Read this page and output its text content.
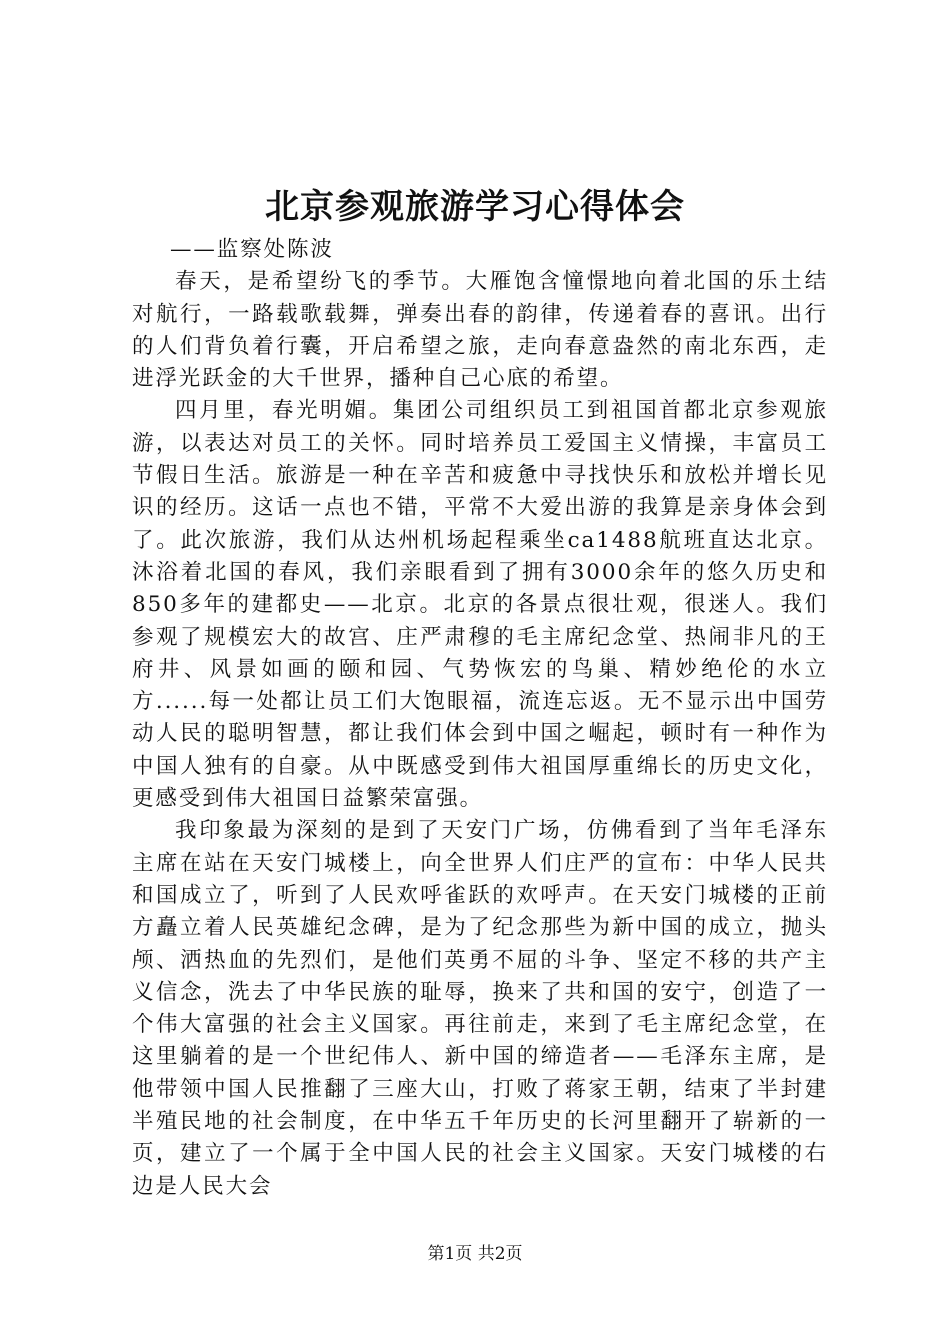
北京参观旅游学习心得体会

——监察处陈波

春天，是希望纷飞的季节。大雁饱含憧憬地向着北国的乐土结对航行，一路载歌载舞，弹奏出春的韵律，传递着春的喜讯。出行的人们背负着行囊，开启希望之旅，走向春意盎然的南北东西，走进浮光跃金的大千世界，播种自己心底的希望。

四月里，春光明媚。集团公司组织员工到祖国首都北京参观旅游，以表达对员工的关怀。同时培养员工爱国主义情操，丰富员工节假日生活。旅游是一种在辛苦和疲惫中寻找快乐和放松并增长见识的经历。这话一点也不错，平常不大爱出游的我算是亲身体会到了。此次旅游，我们从达州机场起程乘坐ca1488航班直达北京。沐浴着北国的春风，我们亲眼看到了拥有3000余年的悠久历史和850多年的建都史——北京。北京的各景点很壮观，很迷人。我们参观了规模宏大的故宫、庄严肃穆的毛主席纪念堂、热闹非凡的王府井、风景如画的颐和园、气势恢宏的鸟巢、精妙绝伦的水立方......每一处都让员工们大饱眼福，流连忘返。无不显示出中国劳动人民的聪明智慧，都让我们体会到中国之崛起，顿时有一种作为中国人独有的自豪。从中既感受到伟大祖国厚重绵长的历史文化，更感受到伟大祖国日益繁荣富强。

我印象最为深刻的是到了天安门广场，仿佛看到了当年毛泽东主席在站在天安门城楼上，向全世界人们庄严的宣布：中华人民共和国成立了，听到了人民欢呼雀跃的欢呼声。在天安门城楼的正前方矗立着人民英雄纪念碑，是为了纪念那些为新中国的成立，抛头颅、洒热血的先烈们，是他们英勇不屈的斗争、坚定不移的共产主义信念，洗去了中华民族的耻辱，换来了共和国的安宁，创造了一个伟大富强的社会主义国家。再往前走，来到了毛主席纪念堂，在这里躺着的是一个世纪伟人、新中国的缔造者——毛泽东主席，是他带领中国人民推翻了三座大山，打败了蒋家王朝，结束了半封建半殖民地的社会制度，在中华五千年历史的长河里翻开了崭新的一页，建立了一个属于全中国人民的社会主义国家。天安门城楼的右边是人民大会

第1页 共2页
